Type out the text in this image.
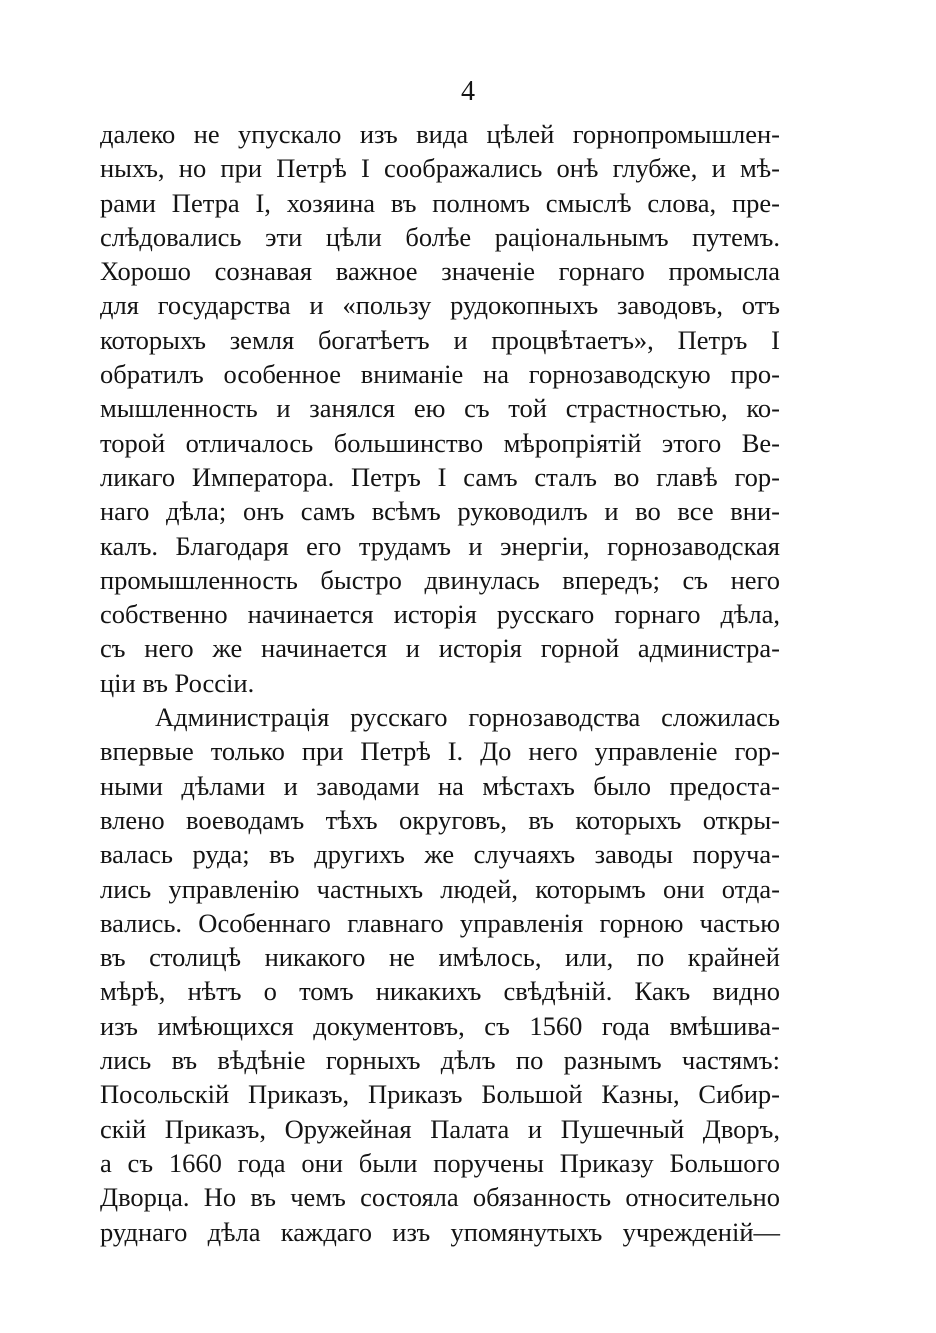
4
далеко не упускало изъ вида цѣлей горнопромышлен-
ныхъ, но при Петрѣ I соображались онѣ глубже, и мѣ-
рами Петра I, хозяина въ полномъ смыслѣ слова, пре-
слѣдовались эти цѣли болѣе раціональнымъ путемъ.
Хорошо сознавая важное значеніе горнаго промысла
для государства и «пользу рудокопныхъ заводовъ, отъ
которыхъ земля богатѣетъ и процвѣтаетъ», Петръ I
обратилъ особенное вниманіе на горнозаводскую про-
мышленность и занялся ею съ той страстностью, ко-
торой отличалось большинство мѣропріятій этого Ве-
ликаго Императора. Петръ I самъ сталъ во главѣ гор-
наго дѣла; онъ самъ всѣмъ руководилъ и во все вни-
калъ. Благодаря его трудамъ и энергіи, горнозаводская
промышленность быстро двинулась впередъ; съ него
собственно начинается исторія русскаго горнаго дѣла,
съ него же начинается и исторія горной администра-
ціи въ Россіи.
Администрація русскаго горнозаводства сложилась
впервые только при Петрѣ I. До него управленіе гор-
ными дѣлами и заводами на мѣстахъ было предоста-
влено воеводамъ тѣхъ округовъ, въ которыхъ откры-
валась руда; въ другихъ же случаяхъ заводы поруча-
лись управленію частныхъ людей, которымъ они отда-
вались. Особеннаго главнаго управленія горною частью
въ столицѣ никакого не имѣлось, или, по крайней
мѣрѣ, нѣтъ о томъ никакихъ свѣдѣній. Какъ видно
изъ имѣющихся документовъ, съ 1560 года вмѣшива-
лись въ вѣдѣніе горныхъ дѣлъ по разнымъ частямъ:
Посольскій Приказъ, Приказъ Большой Казны, Сибир-
скій Приказъ, Оружейная Палата и Пушечный Дворъ,
а съ 1660 года они были поручены Приказу Большого
Дворца. Но въ чемъ состояла обязанность относительно
руднаго дѣла каждаго изъ упомянутыхъ учрежденій—
